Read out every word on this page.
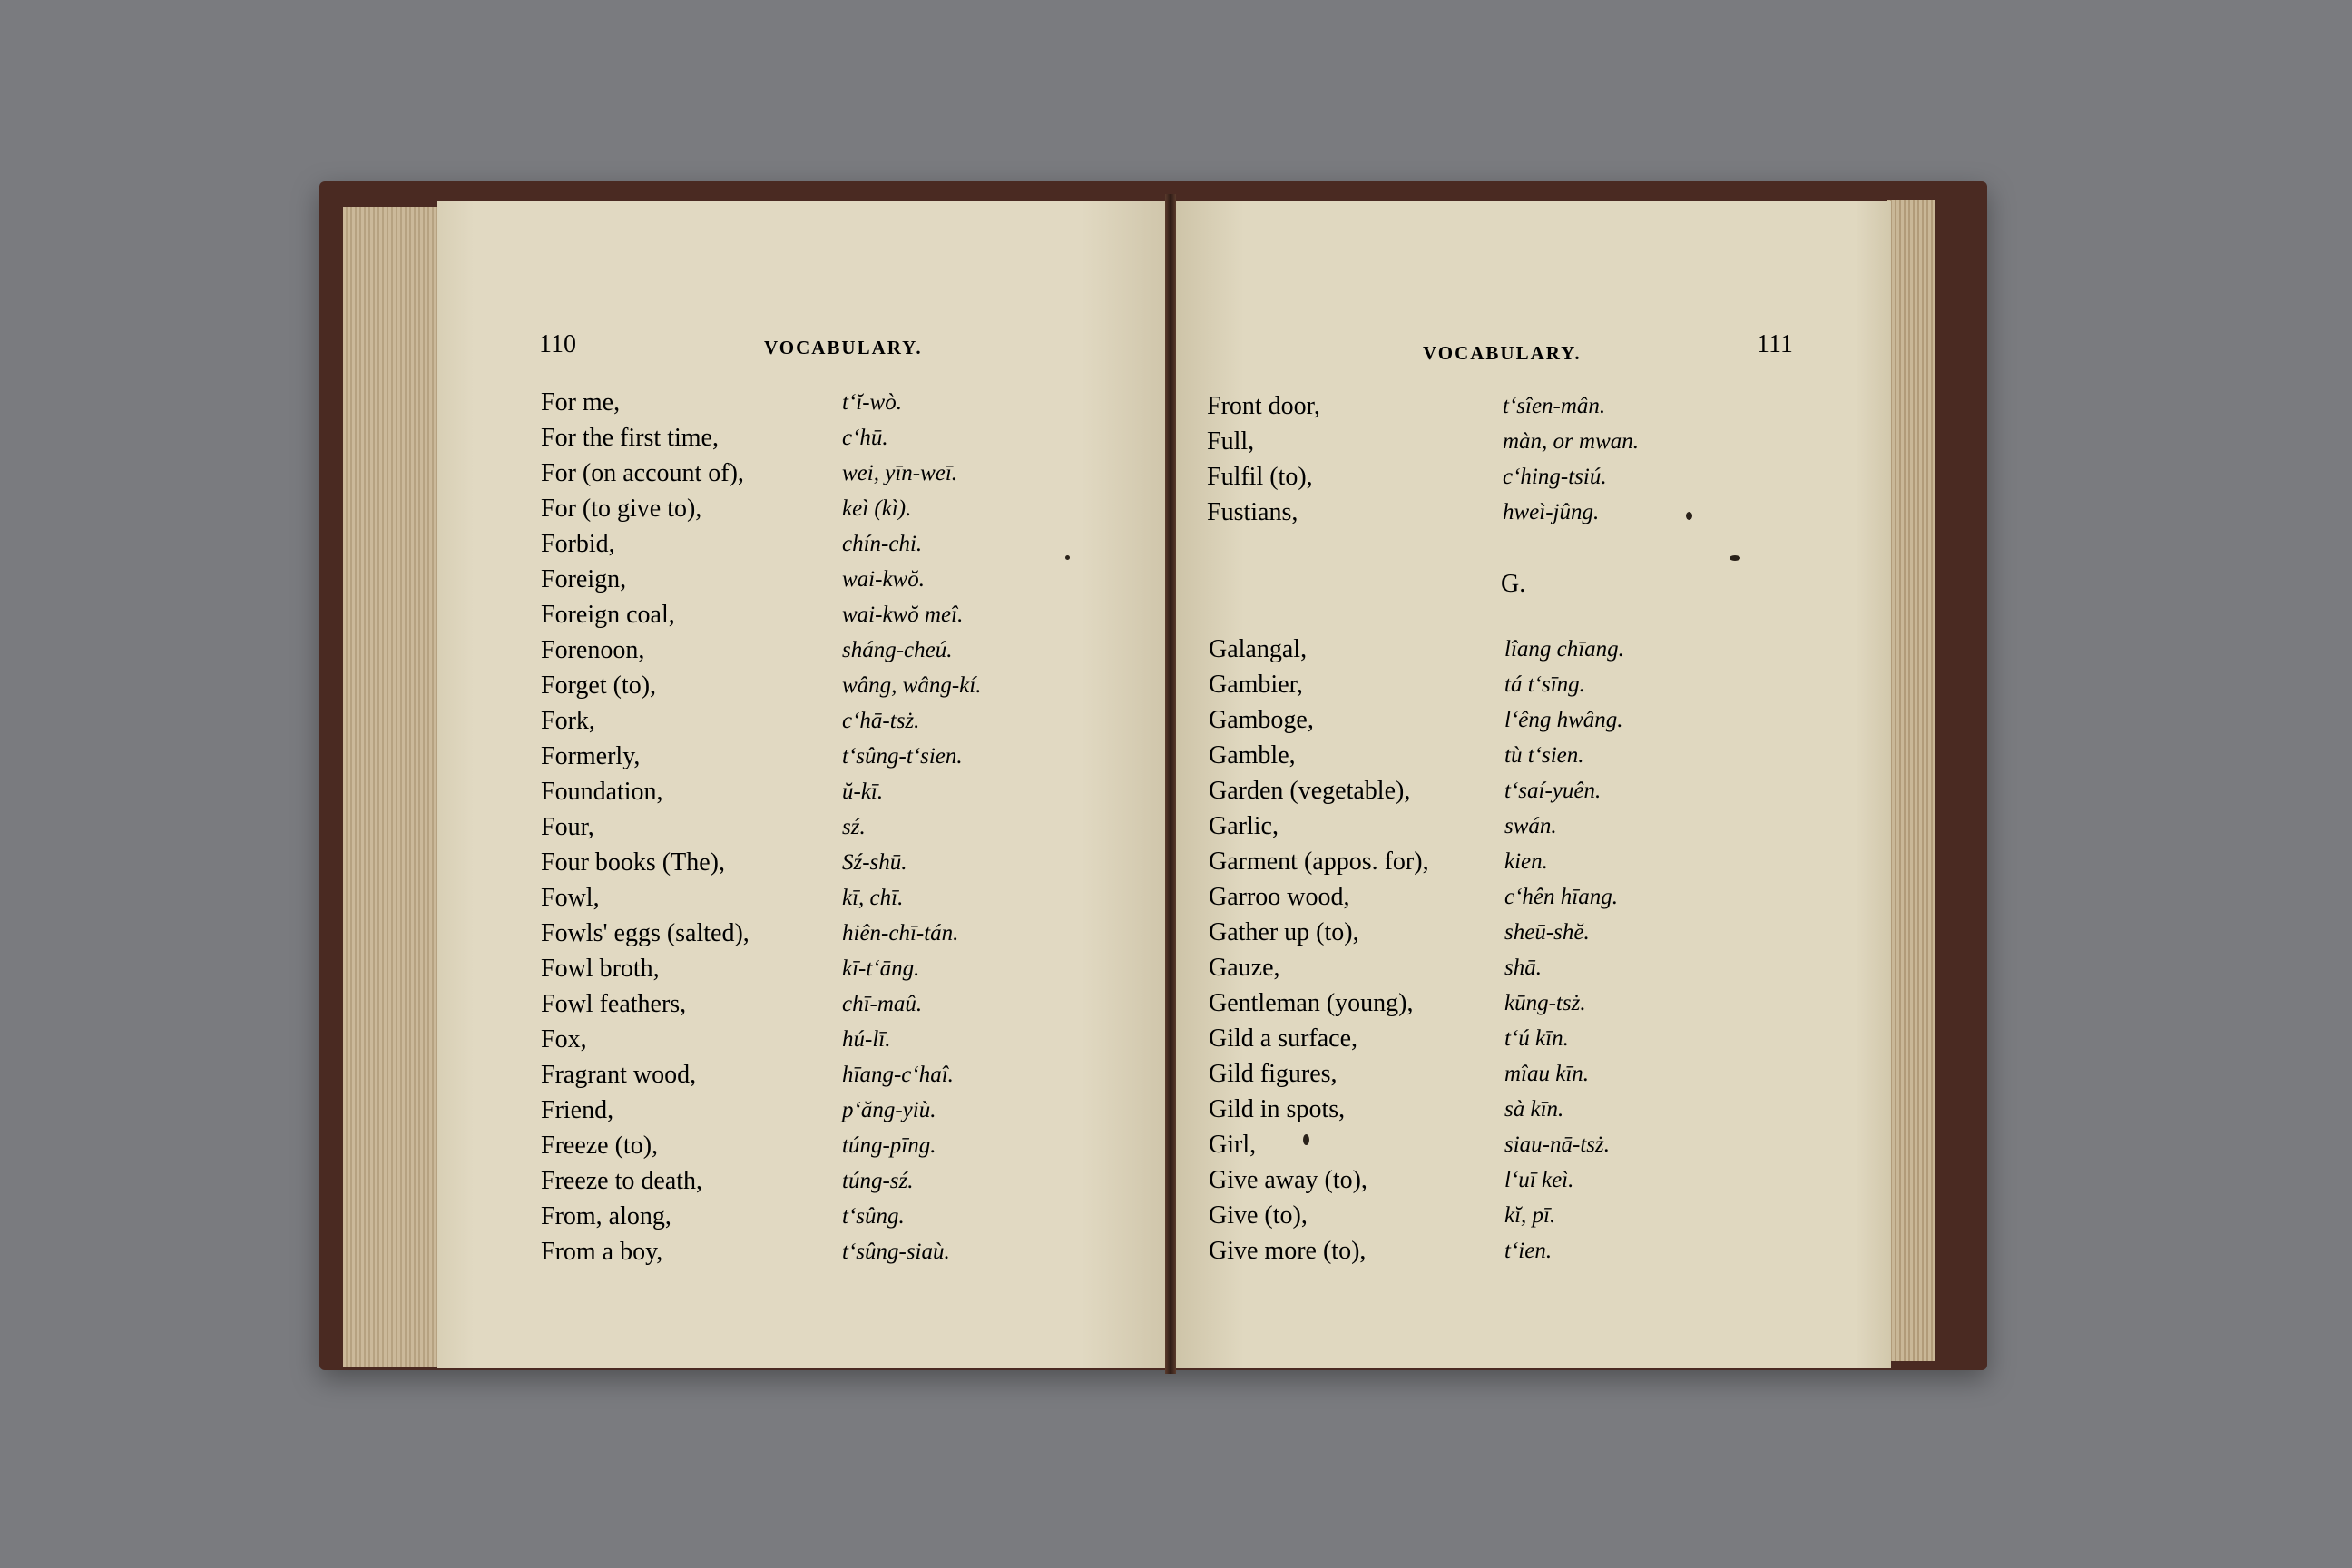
110	VOCABULARY.	VOCABULARY.	111
For me,	t‘ĭ-wò.
For the first time,	c‘hū.
For (on account of),	wei, yīn-weī.
For (to give to),	keì (kì).
Forbid,	chín-chi.
Foreign,	wai-kwŏ.
Foreign coal,	wai-kwŏ meî.
Forenoon,	sháng-cheú.
Forget (to),	wâng, wâng-kí.
Fork,	c‘hā-tsż.
Formerly,	t‘sûng-t‘sien.
Foundation,	ŭ-kī.
Four,	sź.
Four books (The),	Sź-shū.
Fowl,	kī, chī.
Fowls' eggs (salted),	hiên-chī-tán.
Fowl broth,	kī-t‘āng.
Fowl feathers,	chī-maû.
Fox,	hú-lī.
Fragrant wood,	hīang-c‘haî.
Friend,	p‘ăng-yiù.
Freeze (to),	túng-pīng.
Freeze to death,	túng-sź.
From, along,	t‘sûng.
From a boy,	t‘sûng-siaù.
Front door,	t‘sîen-mân.
Full,	màn, or mwan.
Fulfil (to),	c‘hing-tsiú.
Fustians,	hweì-jûng.
G.
Galangal,	lîang chīang.
Gambier,	tá t‘sīng.
Gamboge,	l‘êng hwâng.
Gamble,	tù t‘sien.
Garden (vegetable),	t‘saí-yuên.
Garlic,	swán.
Garment (appos. for),	kien.
Garroo wood,	c‘hên hīang.
Gather up (to),	sheū-shĕ.
Gauze,	shā.
Gentleman (young),	kūng-tsż.
Gild a surface,	t‘ú kīn.
Gild figures,	mîau kīn.
Gild in spots,	sà kīn.
Girl,	siau-nā-tsż.
Give away (to),	l‘uī keì.
Give (to),	kĭ, pī.
Give more (to),	t‘ien.
